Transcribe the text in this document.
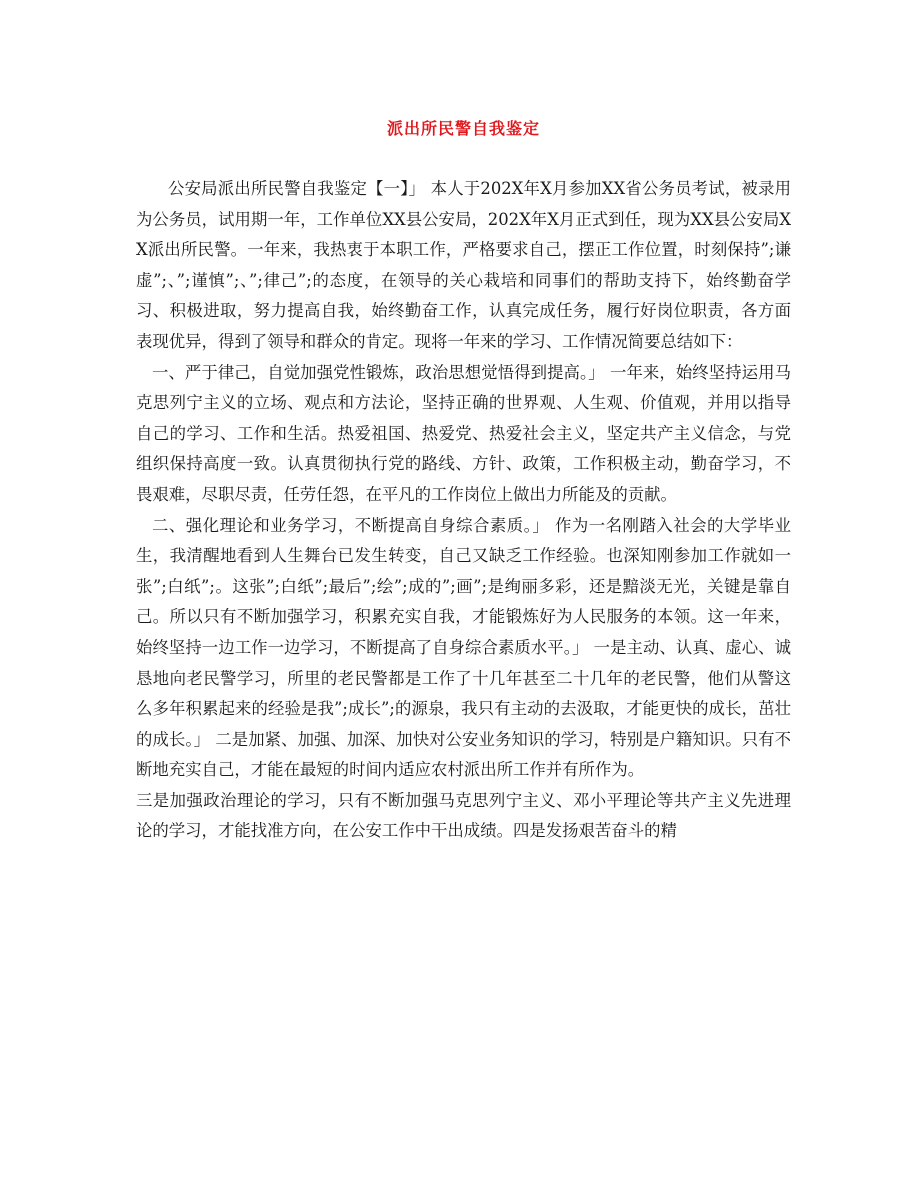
派出所民警自我鉴定

公安局派出所民警自我鉴定【一】」 本人于202X年X月参加XX省公务员考试，被录用为公务员，试用期一年，工作单位XX县公安局，202X年X月正式到任，现为XX县公安局XX派出所民警。一年来，我热衷于本职工作，严格要求自己，摆正工作位置，时刻保持”;谦虚”;、”;谨慎”;、”;律己”;的态度，在领导的关心栽培和同事们的帮助支持下，始终勤奋学习、积极进取，努力提高自我，始终勤奋工作，认真完成任务，履行好岗位职责，各方面表现优异，得到了领导和群众的肯定。现将一年来的学习、工作情况简要总结如下：

一、严于律己，自觉加强党性锻炼，政治思想觉悟得到提高。」 一年来，始终坚持运用马克思列宁主义的立场、观点和方法论，坚持正确的世界观、人生观、价值观，并用以指导自己的学习、工作和生活。热爱祖国、热爱党、热爱社会主义，坚定共产主义信念，与党组织保持高度一致。认真贯彻执行党的路线、方针、政策，工作积极主动，勤奋学习，不畏艰难，尽职尽责，任劳任怨，在平凡的工作岗位上做出力所能及的贡献。

二、强化理论和业务学习，不断提高自身综合素质。」 作为一名刚踏入社会的大学毕业生，我清醒地看到人生舞台已发生转变，自己又缺乏工作经验。也深知刚参加工作就如一张”;白纸”;。这张”;白纸”;最后”;绘”;成的”;画”;是绚丽多彩，还是黯淡无光，关键是靠自己。所以只有不断加强学习，积累充实自我，才能锻炼好为人民服务的本领。这一年来，始终坚持一边工作一边学习，不断提高了自身综合素质水平。」 一是主动、认真、虚心、诚恳地向老民警学习，所里的老民警都是工作了十几年甚至二十几年的老民警，他们从警这么多年积累起来的经验是我”;成长”;的源泉，我只有主动的去汲取，才能更快的成长，茁壮的成长。」 二是加紧、加强、加深、加快对公安业务知识的学习，特别是户籍知识。只有不断地充实自己，才能在最短的时间内适应农村派出所工作并有所作为。

三是加强政治理论的学习，只有不断加强马克思列宁主义、邓小平理论等共产主义先进理论的学习，才能找准方向，在公安工作中干出成绩。四是发扬艰苦奋斗的精
